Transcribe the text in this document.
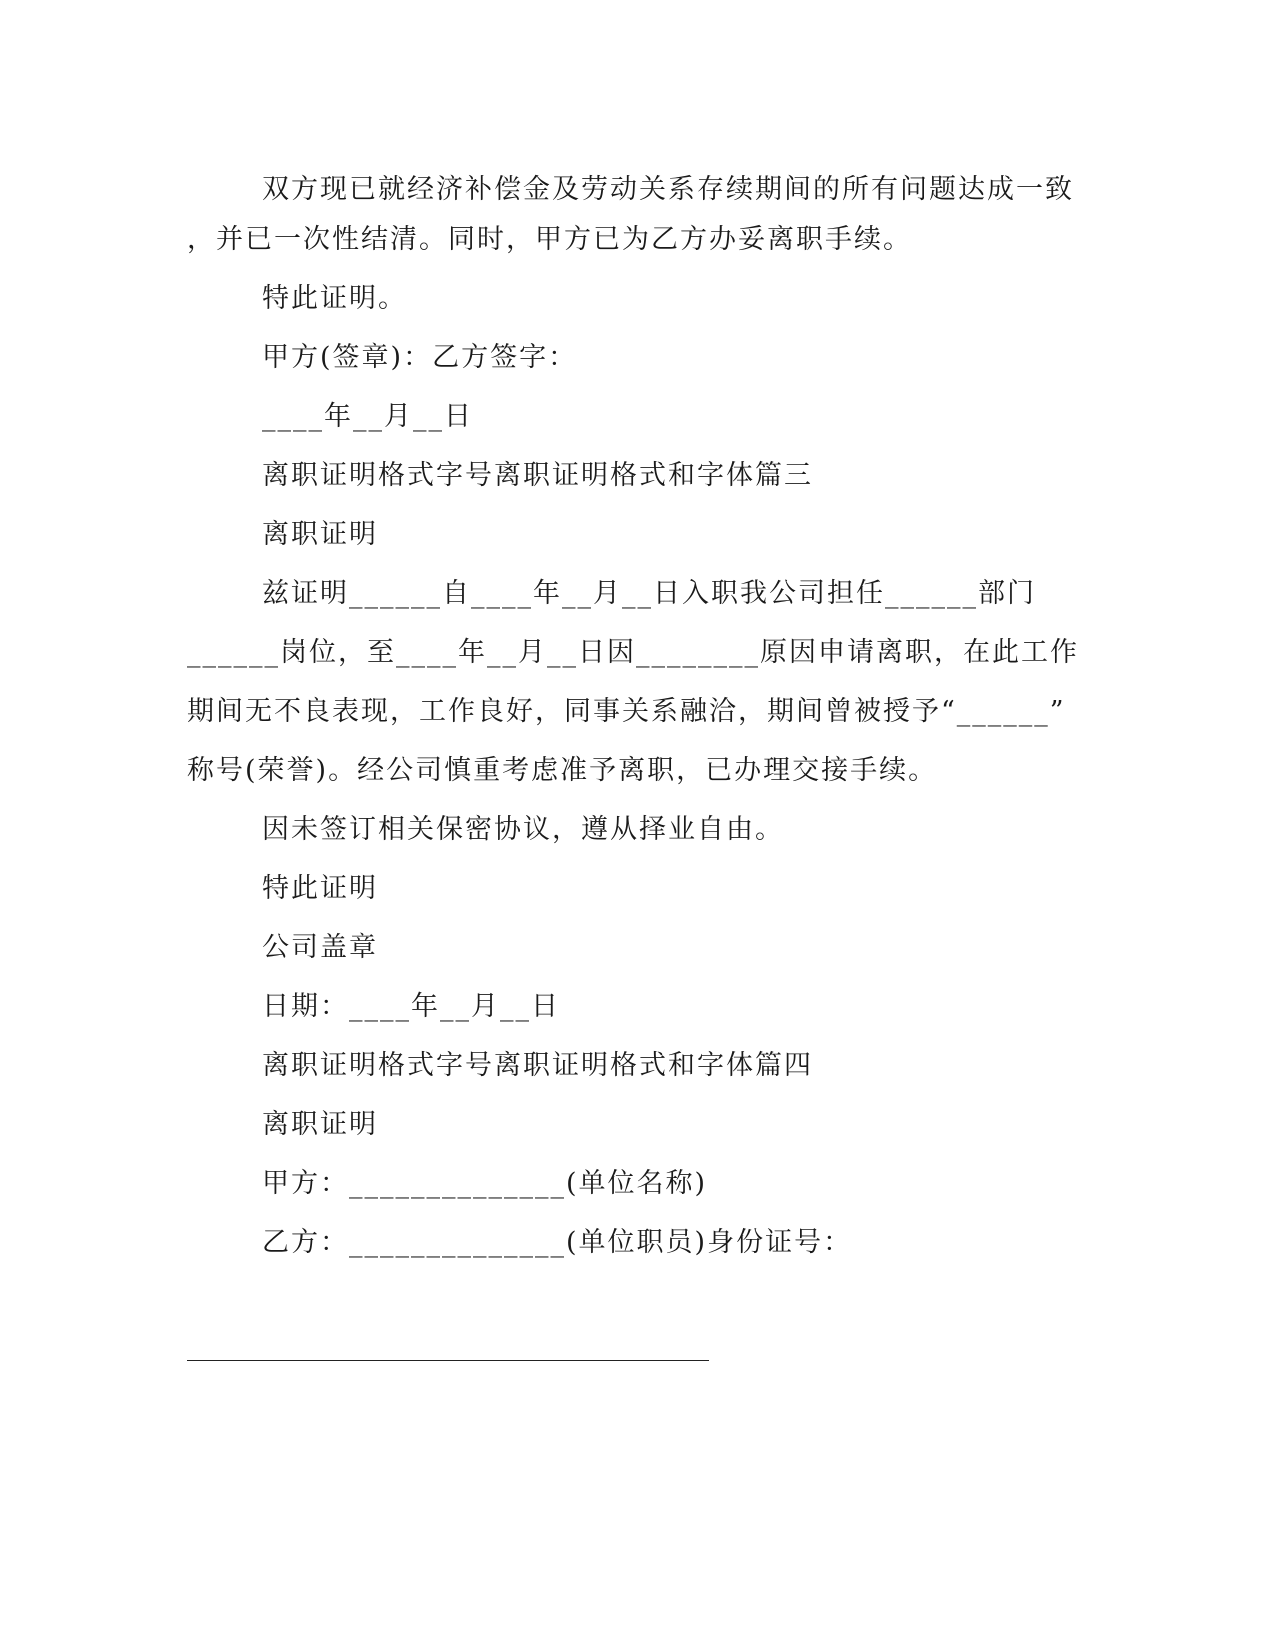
双方现已就经济补偿金及劳动关系存续期间的所有问题达成一致
，并已一次性结清。同时，甲方已为乙方办妥离职手续。
特此证明。
甲方(签章)：乙方签字：
____年__月__日
离职证明格式字号离职证明格式和字体篇三
离职证明
兹证明______自____年__月__日入职我公司担任______部门
______岗位，至____年__月__日因________原因申请离职，在此工作
期间无不良表现，工作良好，同事关系融洽，期间曾被授予“______”
称号(荣誉)。经公司慎重考虑准予离职，已办理交接手续。
因未签订相关保密协议，遵从择业自由。
特此证明
公司盖章
日期：____年__月__日
离职证明格式字号离职证明格式和字体篇四
离职证明
甲方：______________(单位名称)
乙方：______________(单位职员)身份证号：
